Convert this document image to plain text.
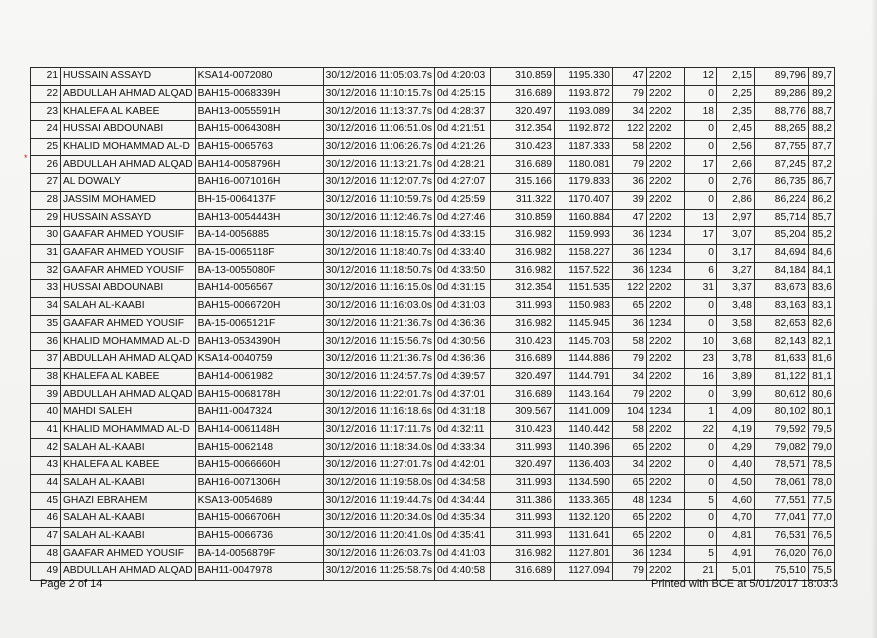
21	HUSSAIN ASSAYD	KSA14-0072080	30/12/2016 11:05:03.7s	0d 4:20:03	310.859	1195.330	47	2202	12	2,15	89,796	89,7
22	ABDULLAH AHMAD ALQAD	BAH15-0068339H	30/12/2016 11:10:15.7s	0d 4:25:15	316.689	1193.872	79	2202	0	2,25	89,286	89,2
23	KHALEFA AL KABEE	BAH13-0055591H	30/12/2016 11:13:37.7s	0d 4:28:37	320.497	1193.089	34	2202	18	2,35	88,776	88,7
24	HUSSAI ABDOUNABI	BAH15-0064308H	30/12/2016 11:06:51.0s	0d 4:21:51	312.354	1192.872	122	2202	0	2,45	88,265	88,2
25	KHALID MOHAMMAD AL-D	BAH15-0065763	30/12/2016 11:06:26.7s	0d 4:21:26	310.423	1187.333	58	2202	0	2,56	87,755	87,7
26	ABDULLAH AHMAD ALQAD	BAH14-0058796H	30/12/2016 11:13:21.7s	0d 4:28:21	316.689	1180.081	79	2202	17	2,66	87,245	87,2
27	AL DOWALY	BAH16-0071016H	30/12/2016 11:12:07.7s	0d 4:27:07	315.166	1179.833	36	2202	0	2,76	86,735	86,7
28	JASSIM MOHAMED	BH-15-0064137F	30/12/2016 11:10:59.7s	0d 4:25:59	311.322	1170.407	39	2202	0	2,86	86,224	86,2
29	HUSSAIN ASSAYD	BAH13-0054443H	30/12/2016 11:12:46.7s	0d 4:27:46	310.859	1160.884	47	2202	13	2,97	85,714	85,7
30	GAAFAR AHMED YOUSIF	BA-14-0056885	30/12/2016 11:18:15.7s	0d 4:33:15	316.982	1159.993	36	1234	17	3,07	85,204	85,2
31	GAAFAR AHMED YOUSIF	BA-15-0065118F	30/12/2016 11:18:40.7s	0d 4:33:40	316.982	1158.227	36	1234	0	3,17	84,694	84,6
32	GAAFAR AHMED YOUSIF	BA-13-0055080F	30/12/2016 11:18:50.7s	0d 4:33:50	316.982	1157.522	36	1234	6	3,27	84,184	84,1
33	HUSSAI ABDOUNABI	BAH14-0056567	30/12/2016 11:16:15.0s	0d 4:31:15	312.354	1151.535	122	2202	31	3,37	83,673	83,6
34	SALAH AL-KAABI	BAH15-0066720H	30/12/2016 11:16:03.0s	0d 4:31:03	311.993	1150.983	65	2202	0	3,48	83,163	83,1
35	GAAFAR AHMED YOUSIF	BA-15-0065121F	30/12/2016 11:21:36.7s	0d 4:36:36	316.982	1145.945	36	1234	0	3,58	82,653	82,6
36	KHALID MOHAMMAD AL-D	BAH13-0534390H	30/12/2016 11:15:56.7s	0d 4:30:56	310.423	1145.703	58	2202	10	3,68	82,143	82,1
37	ABDULLAH AHMAD ALQAD	KSA14-0040759	30/12/2016 11:21:36.7s	0d 4:36:36	316.689	1144.886	79	2202	23	3,78	81,633	81,6
38	KHALEFA AL KABEE	BAH14-0061982	30/12/2016 11:24:57.7s	0d 4:39:57	320.497	1144.791	34	2202	16	3,89	81,122	81,1
39	ABDULLAH AHMAD ALQAD	BAH15-0068178H	30/12/2016 11:22:01.7s	0d 4:37:01	316.689	1143.164	79	2202	0	3,99	80,612	80,6
40	MAHDI SALEH	BAH11-0047324	30/12/2016 11:16:18.6s	0d 4:31:18	309.567	1141.009	104	1234	1	4,09	80,102	80,1
41	KHALID MOHAMMAD AL-D	BAH14-0061148H	30/12/2016 11:17:11.7s	0d 4:32:11	310.423	1140.442	58	2202	22	4,19	79,592	79,5
42	SALAH AL-KAABI	BAH15-0062148	30/12/2016 11:18:34.0s	0d 4:33:34	311.993	1140.396	65	2202	0	4,29	79,082	79,0
43	KHALEFA AL KABEE	BAH15-0066660H	30/12/2016 11:27:01.7s	0d 4:42:01	320.497	1136.403	34	2202	0	4,40	78,571	78,5
44	SALAH AL-KAABI	BAH16-0071306H	30/12/2016 11:19:58.0s	0d 4:34:58	311.993	1134.590	65	2202	0	4,50	78,061	78,0
45	GHAZI EBRAHEM	KSA13-0054689	30/12/2016 11:19:44.7s	0d 4:34:44	311.386	1133.365	48	1234	5	4,60	77,551	77,5
46	SALAH AL-KAABI	BAH15-0066706H	30/12/2016 11:20:34.0s	0d 4:35:34	311.993	1132.120	65	2202	0	4,70	77,041	77,0
47	SALAH AL-KAABI	BAH15-0066736	30/12/2016 11:20:41.0s	0d 4:35:41	311.993	1131.641	65	2202	0	4,81	76,531	76,5
48	GAAFAR AHMED YOUSIF	BA-14-0056879F	30/12/2016 11:26:03.7s	0d 4:41:03	316.982	1127.801	36	1234	5	4,91	76,020	76,0
49	ABDULLAH AHMAD ALQAD	BAH11-0047978	30/12/2016 11:25:58.7s	0d 4:40:58	316.689	1127.094	79	2202	21	5,01	75,510	75,5
*
Page 2 of 14	Printed with BCE at 5/01/2017 18:03:3
